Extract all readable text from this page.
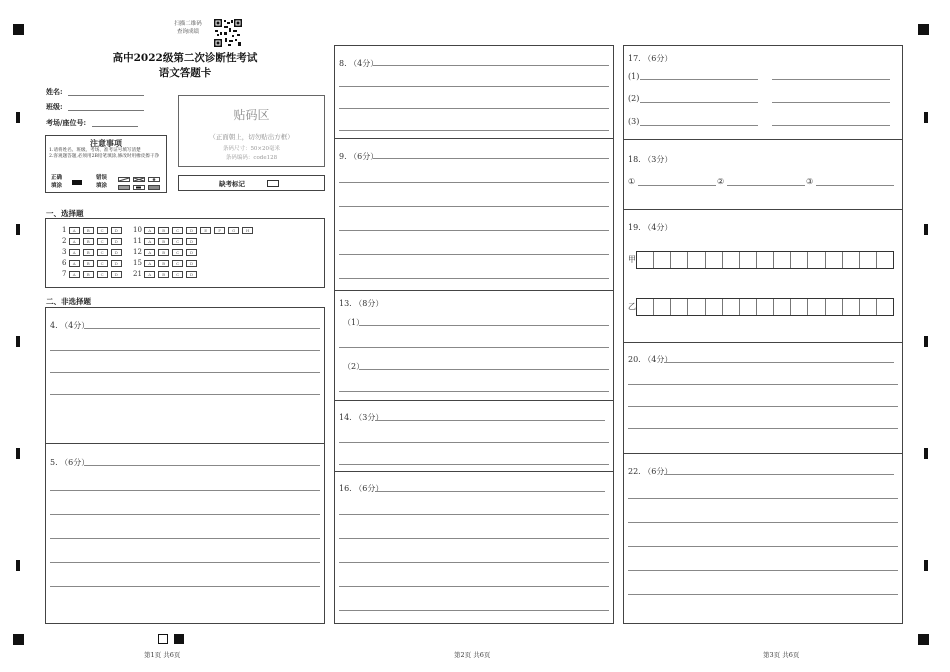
扫描二维码
查询成绩
高中2022级第二次诊断性考试
语文答题卡
姓名:
班级:
考场/座位号:
注意事项
1.请将姓名、班级、考场、准考证号填写清楚
2.客观题答题,必须用2B铅笔填涂,修改时用橡皮擦干净
正确填涂
错误填涂
贴码区
（正面朝上，切勿贴出方框）
条码尺寸：50×20毫米
条码编码：code128
缺考标记
一、选择题
1 A	B	C	D
2 A	B	C	D
3 A	B	C	D
6 A	B	C	D
7 A	B	C	D
10 A	B	C	D	E	F	G	H
11 A	B	C	D
12 A	B	C	D
15 A	B	C	D
21 A	B	C	D
二、非选择题
4. （4分）
5. （6分）
第1页 共6页
8. （4分）
9. （6分）
13. （8分）
（1）
（2）
14. （3分）
16. （6分）
第2页 共6页
17. （6分）
(1)
(2)
(3)
18. （3分）
①	②	③
19. （4分）
甲
乙
20. （4分）
22. （6分）
第3页 共6页
